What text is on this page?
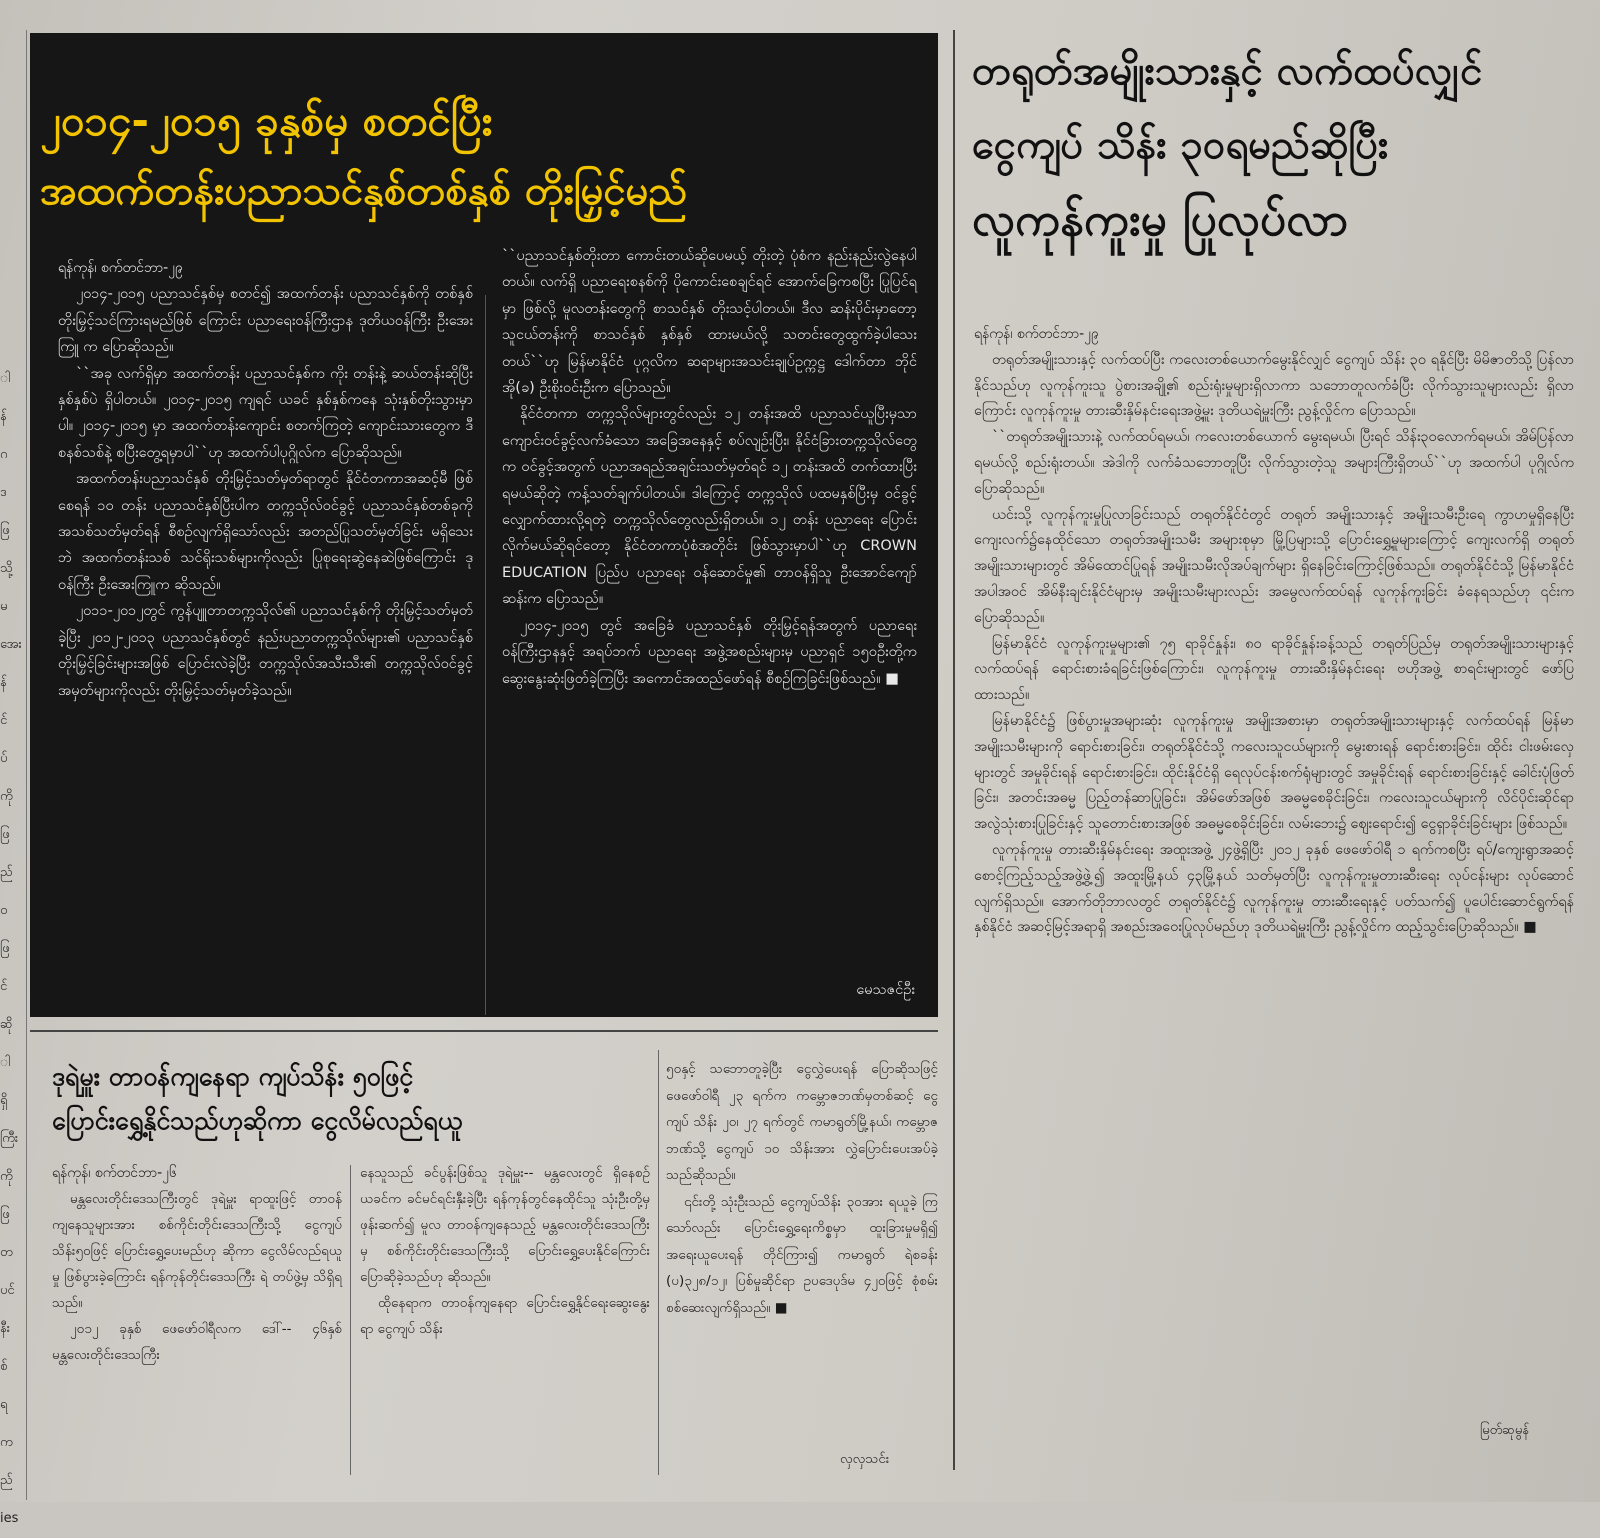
ါ
န်
ဂ
ဒ
ဖြ
သို့
မ
အေး
န်
င်
ပ်
ကို
ဖြ
ည်
ဝ
ဖြ
င်
ဆို
ါ
ရှိ
ကြီး
ကို
ဖြ
တ
ပင်
နီး
စ်
ရ
က
ည်
ies
၂၀၁၄-၂၀၁၅ ခုနှစ်မှ စတင်ပြီး
အထက်တန်းပညာသင်နှစ်တစ်နှစ် တိုးမြှင့်မည်

ရန်ကုန်၊ စက်တင်ဘာ-၂၉

၂၀၁၄-၂၀၁၅ ပညာသင်နှစ်မှ စတင်၍ အထက်တန်း ပညာသင်နှစ်ကို တစ်နှစ် တိုးမြှင့်သင်ကြားရမည်ဖြစ် ကြောင်း ပညာရေးဝန်ကြီးဌာန ဒုတိယဝန်ကြီး ဦးအေးကြူ က ပြောဆိုသည်။

``အခု လက်ရှိမှာ အထက်တန်း ပညာသင်နှစ်က ကိုး တန်းနဲ့ ဆယ်တန်းဆိုပြီး နှစ်နှစ်ပဲ ရှိပါတယ်။ ၂၀၁၄-၂၀၁၅ ကျရင် ယခင် နှစ်နှစ်ကနေ သုံးနှစ်တိုးသွားမှာပါ။ ၂၀၁၄-၂၀၁၅ မှာ အထက်တန်းကျောင်း စတက်ကြတဲ့ ကျောင်းသားတွေက ဒီစနစ်သစ်နဲ့ စပြီးတွေ့ရမှာပါ``ဟု အထက်ပါပုဂ္ဂိုလ်က ပြောဆိုသည်။

အထက်တန်းပညာသင်နှစ် တိုးမြှင့်သတ်မှတ်ရာတွင် နိုင်ငံတကာအဆင့်မီ ဖြစ်စေရန် ၁၀ တန်း ပညာသင်နှစ်ပြီးပါက တက္ကသိုလ်ဝင်ခွင့် ပညာသင်နှစ်တစ်ခုကို အသစ်သတ်မှတ်ရန် စီစဉ်လျက်ရှိသော်လည်း အတည်ပြုသတ်မှတ်ခြင်း မရှိသေးဘဲ အထက်တန်းသစ် သင်ရိုးသစ်များကိုလည်း ပြုစုရေးဆွဲနေဆဲဖြစ်ကြောင်း ဒုဝန်ကြီး ဦးအေးကြူက ဆိုသည်။

၂၀၁၁-၂၀၁၂တွင် ကွန်ပျူတာတက္ကသိုလ်၏ ပညာသင်နှစ်ကို တိုးမြှင့်သတ်မှတ်ခဲ့ပြီး ၂၀၁၂-၂၀၁၃ ပညာသင်နှစ်တွင် နည်းပညာတက္ကသိုလ်များ၏ ပညာသင်နှစ် တိုးမြှင့်ခြင်းများအဖြစ် ပြောင်းလဲခဲ့ပြီး တက္ကသိုလ်အသီးသီး၏ တက္ကသိုလ်ဝင်ခွင့် အမှတ်များကိုလည်း တိုးမြှင့်သတ်မှတ်ခဲ့သည်။

``ပညာသင်နှစ်တိုးတာ ကောင်းတယ်ဆိုပေမယ့် တိုးတဲ့ ပုံစံက နည်းနည်းလွဲနေပါတယ်။ လက်ရှိ ပညာရေးစနစ်ကို ပိုကောင်းစေချင်ရင် အောက်ခြေကစပြီး ပြုပြင်ရမှာ ဖြစ်လို့ မူလတန်းတွေကို စာသင်နှစ် တိုးသင့်ပါတယ်။ ဒီလ ဆန်းပိုင်းမှာတော့ သူငယ်တန်းကို စာသင်နှစ် နှစ်နှစ် ထားမယ်လို့ သတင်းတွေထွက်ခဲ့ပါသေးတယ်``ဟု မြန်မာနိုင်ငံ ပုဂ္ဂလိက ဆရာများအသင်းချုပ်ဥက္ကဋ္ဌ ဒေါက်တာ ဘိုင်အို(ခ) ဦးစိုးဝင်းဦးက ပြောသည်။

နိုင်ငံတကာ တက္ကသိုလ်များတွင်လည်း ၁၂ တန်းအထိ ပညာသင်ယူပြီးမှသာ ကျောင်းဝင်ခွင့်လက်ခံသော အခြေအနေနှင့် စပ်လျဉ်းပြီး၊ နိုင်ငံခြားတက္ကသိုလ်တွေက ဝင်ခွင့်အတွက် ပညာအရည်အချင်းသတ်မှတ်ရင် ၁၂ တန်းအထိ တက်ထားပြီးရမယ်ဆိုတဲ့ ကန့်သတ်ချက်ပါတယ်။ ဒါကြောင့် တက္ကသိုလ် ပထမနှစ်ပြီးမှ ဝင်ခွင့် လျှောက်ထားလို့ရတဲ့ တက္ကသိုလ်တွေလည်းရှိတယ်။ ၁၂ တန်း ပညာရေး ပြောင်းလိုက်မယ်ဆိုရင်တော့ နိုင်ငံတကာပုံစံအတိုင်း ဖြစ်သွားမှာပါ``ဟု CROWN EDUCATION ပြည်ပ ပညာရေး ဝန်ဆောင်မှု၏ တာဝန်ရှိသူ ဦးအောင်ကျော်ဆန်းက ပြောသည်။

၂၀၁၄-၂၀၁၅ တွင် အခြေခံ ပညာသင်နှစ် တိုးမြှင့်ရန်အတွက် ပညာရေးဝန်ကြီးဌာနနှင့် အရပ်ဘက် ပညာရေး အဖွဲ့အစည်းများမှ ပညာရှင် ၁၅၀ဦးတို့က ဆွေးနွေးဆုံးဖြတ်ခဲ့ကြပြီး အကောင်အထည်ဖော်ရန် စီစဉ်ကြခြင်းဖြစ်သည်။ ■

မေသဇင်ဦး
တရုတ်အမျိုးသားနှင့် လက်ထပ်လျှင်
ငွေကျပ် သိန်း ၃၀ရမည်ဆိုပြီး
လူကုန်ကူးမှု ပြုလုပ်လာ

ရန်ကုန်၊ စက်တင်ဘာ-၂၉

တရုတ်အမျိုးသားနှင့် လက်ထပ်ပြီး ကလေးတစ်ယောက်မွေးနိုင်လျှင် ငွေကျပ် သိန်း ၃၀ ရနိုင်ပြီး မိမိဇာတိသို့ ပြန်လာနိုင်သည်ဟု လူကုန်ကူးသူ ပွဲစားအချို့၏ စည်းရုံးမှုများရှိလာကာ သဘောတူလက်ခံပြီး လိုက်သွားသူများလည်း ရှိလာကြောင်း လူကုန်ကူးမှု တားဆီးနှိမ်နင်းရေးအဖွဲ့မှူး ဒုတိယရဲမှူးကြီး ညွန့်လှိုင်က ပြောသည်။

``တရုတ်အမျိုးသားနဲ့ လက်ထပ်ရမယ်၊ ကလေးတစ်ယောက် မွေးရမယ်၊ ပြီးရင် သိန်း၃၀လောက်ရမယ်၊ အိမ်ပြန်လာရမယ်လို့ စည်းရုံးတယ်။ အဲဒါကို လက်ခံသဘောတူပြီး လိုက်သွားတဲ့သူ အများကြီးရှိတယ်``ဟု အထက်ပါ ပုဂ္ဂိုလ်က ပြောဆိုသည်။

ယင်းသို့ လူကုန်ကူးမှုပြုလာခြင်းသည် တရုတ်နိုင်ငံတွင် တရုတ် အမျိုးသားနှင့် အမျိုးသမီးဦးရေ ကွာဟမှုရှိနေပြီး ကျေးလက်၌နေထိုင်သော တရုတ်အမျိုးသမီး အများစုမှာ မြို့ပြများသို့ ပြောင်းရွှေ့မှုများကြောင့် ကျေးလက်ရှိ တရုတ်အမျိုးသားများတွင် အိမ်ထောင်ပြုရန် အမျိုးသမီးလိုအပ်ချက်များ ရှိနေခြင်းကြောင့်ဖြစ်သည်။ တရုတ်နိုင်ငံသို့ မြန်မာနိုင်ငံအပါအဝင် အိမ်နီးချင်းနိုင်ငံများမှ အမျိုးသမီးများလည်း အမွေလက်ထပ်ရန် လူကုန်ကူးခြင်း ခံနေရသည်ဟု ၎င်းက ပြောဆိုသည်။

မြန်မာနိုင်ငံ လူကုန်ကူးမှုများ၏ ၇၅ ရာခိုင်နှုန်း၊ ၈၀ ရာခိုင်နှုန်းခန့်သည် တရုတ်ပြည်မှ တရုတ်အမျိုးသားများနှင့် လက်ထပ်ရန် ရောင်းစားခံရခြင်းဖြစ်ကြောင်း၊ လူကုန်ကူးမှု တားဆီးနှိမ်နင်းရေး ဗဟိုအဖွဲ့ စာရင်းများတွင် ဖော်ပြထားသည်။

မြန်မာနိုင်ငံ၌ ဖြစ်ပွားမှုအများဆုံး လူကုန်ကူးမှု အမျိုးအစားမှာ တရုတ်အမျိုးသားများနှင့် လက်ထပ်ရန် မြန်မာအမျိုးသမီးများကို ရောင်းစားခြင်း၊ တရုတ်နိုင်ငံသို့ ကလေးသူငယ်များကို မွေးစားရန် ရောင်းစားခြင်း၊ ထိုင်း ငါးဖမ်းလှေများတွင် အမှုခိုင်းရန် ရောင်းစားခြင်း၊ ထိုင်းနိုင်ငံရှိ ရေလုပ်ငန်းစက်ရုံများတွင် အမှုခိုင်းရန် ရောင်းစားခြင်းနှင့် ခေါင်းပုံဖြတ်ခြင်း၊ အတင်းအဓမ္မ ပြည့်တန်ဆာပြုခြင်း၊ အိမ်ဖော်အဖြစ် အဓမ္မစေခိုင်းခြင်း၊ ကလေးသူငယ်များကို လိင်ပိုင်းဆိုင်ရာ အလွဲသုံးစားပြုခြင်းနှင့် သူတောင်းစားအဖြစ် အဓမ္မစေခိုင်းခြင်း၊ လမ်းဘေး၌ ဈေးရောင်း၍ ငွေရှာခိုင်းခြင်းများ ဖြစ်သည်။

လူကုန်ကူးမှု တားဆီးနှိမ်နင်းရေး အထူးအဖွဲ့ ၂၄ဖွဲ့ရှိပြီး ၂၀၁၂ ခုနှစ် ဖေဖော်ဝါရီ ၁ ရက်ကစပြီး ရပ်/ကျေးရွာအဆင့် စောင့်ကြည့်သည့်အဖွဲ့ဖွဲ့၍ အထူးမြို့နယ် ၄၃မြို့နယ် သတ်မှတ်ပြီး လူကုန်ကူးမှုတားဆီးရေး လုပ်ငန်းများ လုပ်ဆောင်လျက်ရှိသည်။ အောက်တိုဘာလတွင် တရုတ်နိုင်ငံ၌ လူကုန်ကူးမှု တားဆီးရေးနှင့် ပတ်သက်၍ ပူပေါင်းဆောင်ရွက်ရန် နှစ်နိုင်ငံ အဆင့်မြင့်အရာရှိ အစည်းအဝေးပြုလုပ်မည်ဟု ဒုတိယရဲမှူးကြီး ညွန့်လှိုင်က ထည့်သွင်းပြောဆိုသည်။ ■

မြတ်ဆုမွန်
ဒုရဲမှူး တာဝန်ကျနေရာ ကျပ်သိန်း ၅၀ဖြင့်
ပြောင်းရွှေ့နိုင်သည်ဟုဆိုကာ ငွေလိမ်လည်ရယူ

ရန်ကုန်၊ စက်တင်ဘာ-၂၆

မန္တလေးတိုင်းဒေသကြီးတွင် ဒုရဲမှူး ရာထူးဖြင့် တာဝန်ကျနေသူများအား စစ်ကိုင်းတိုင်းဒေသကြီးသို့ ငွေကျပ် သိန်း၅၀ဖြင့် ပြောင်းရွှေ့ပေးမည်ဟု ဆိုကာ ငွေလိမ်လည်ရယူမှု ဖြစ်ပွားခဲ့ကြောင်း ရန်ကုန်တိုင်းဒေသကြီး ရဲ တပ်ဖွဲ့မှ သိရှိရသည်။

၂၀၁၂ ခုနှစ် ဖေဖော်ဝါရီလက ဒေါ်-- ၄၆နှစ် မန္တလေးတိုင်းဒေသကြီး

နေသူသည် ခင်ပွန်းဖြစ်သူ ဒုရဲမှူး-- မန္တလေးတွင် ရှိနေစဉ် ယခင်က ခင်မင်ရင်းနှီးခဲ့ပြီး ရန်ကုန်တွင်နေထိုင်သူ သုံးဦးတို့မှ ဖုန်းဆက်၍ မူလ တာဝန်ကျနေသည့် မန္တလေးတိုင်းဒေသကြီးမှ စစ်ကိုင်းတိုင်းဒေသကြီးသို့ ပြောင်းရွှေ့ပေးနိုင်ကြောင်း ပြောဆိုခဲ့သည်ဟု ဆိုသည်။

ထိုနေရာက တာဝန်ကျနေရာ ပြောင်းရွှေ့နိုင်ရေးဆွေးနွေးရာ ငွေကျပ် သိန်း

၅၀နှင့် သဘောတူခဲ့ပြီး ငွေလွှဲပေးရန် ပြောဆိုသဖြင့် ဖေဖော်ဝါရီ ၂၃ ရက်က ကမ္ဘောဇဘဏ်မှတစ်ဆင့် ငွေကျပ် သိန်း ၂၀၊ ၂၇ ရက်တွင် ကမာရွတ်မြို့နယ်၊ ကမ္ဘောဇဘဏ်သို့ ငွေကျပ် ၁၀ သိန်းအား လွှဲပြောင်းပေးအပ်ခဲ့သည်ဆိုသည်။

၎င်းတို့ သုံးဦးသည် ငွေကျပ်သိန်း ၃၀အား ရယူခဲ့ ကြသော်လည်း ပြောင်းရွှေ့ရေးကိစ္စမှာ ထူးခြားမှုမရှိ၍ အရေးယူပေးရန် တိုင်ကြား၍ ကမာရွတ် ရဲစခန်း (ပ)၃၂၈/၁၂၊ ပြစ်မှုဆိုင်ရာ ဥပဒေပုဒ်မ ၄၂၀ဖြင့် စုံစမ်းစစ်ဆေးလျက်ရှိသည်။ ■

လှလှသင်း
